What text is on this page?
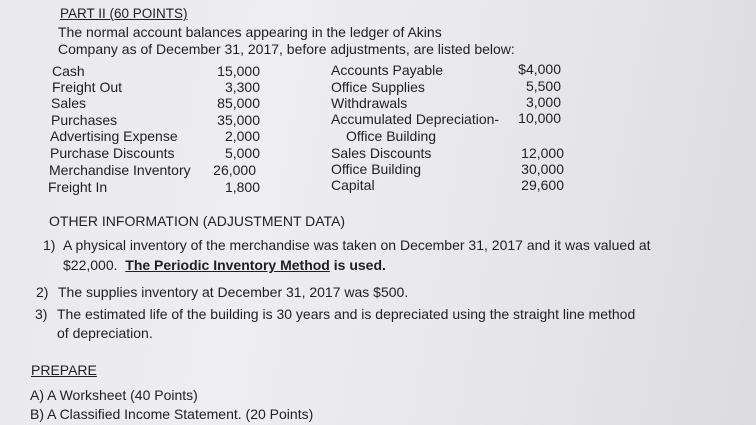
PART II (60 POINTS)
The normal account balances appearing in the ledger of Akins
Company as of December 31, 2017, before adjustments, are listed below:
Cash	15,000
Freight Out	3,300
Sales	85,000
Purchases	35,000
Advertising Expense	2,000
Purchase Discounts	5,000
Merchandise Inventory	26,000
Freight In	1,800
Accounts Payable	$4,000
Office Supplies	5,500
Withdrawals	3,000
Accumulated Depreciation-	10,000
Office Building
Sales Discounts	12,000
Office Building	30,000
Capital	29,600
OTHER INFORMATION (ADJUSTMENT DATA)
1) A physical inventory of the merchandise was taken on December 31, 2017 and it was valued at
$22,000. The Periodic Inventory Method is used.
2) The supplies inventory at December 31, 2017 was $500.
3) The estimated life of the building is 30 years and is depreciated using the straight line method
of depreciation.
PREPARE
A) A Worksheet (40 Points)
B) A Classified Income Statement. (20 Points)
